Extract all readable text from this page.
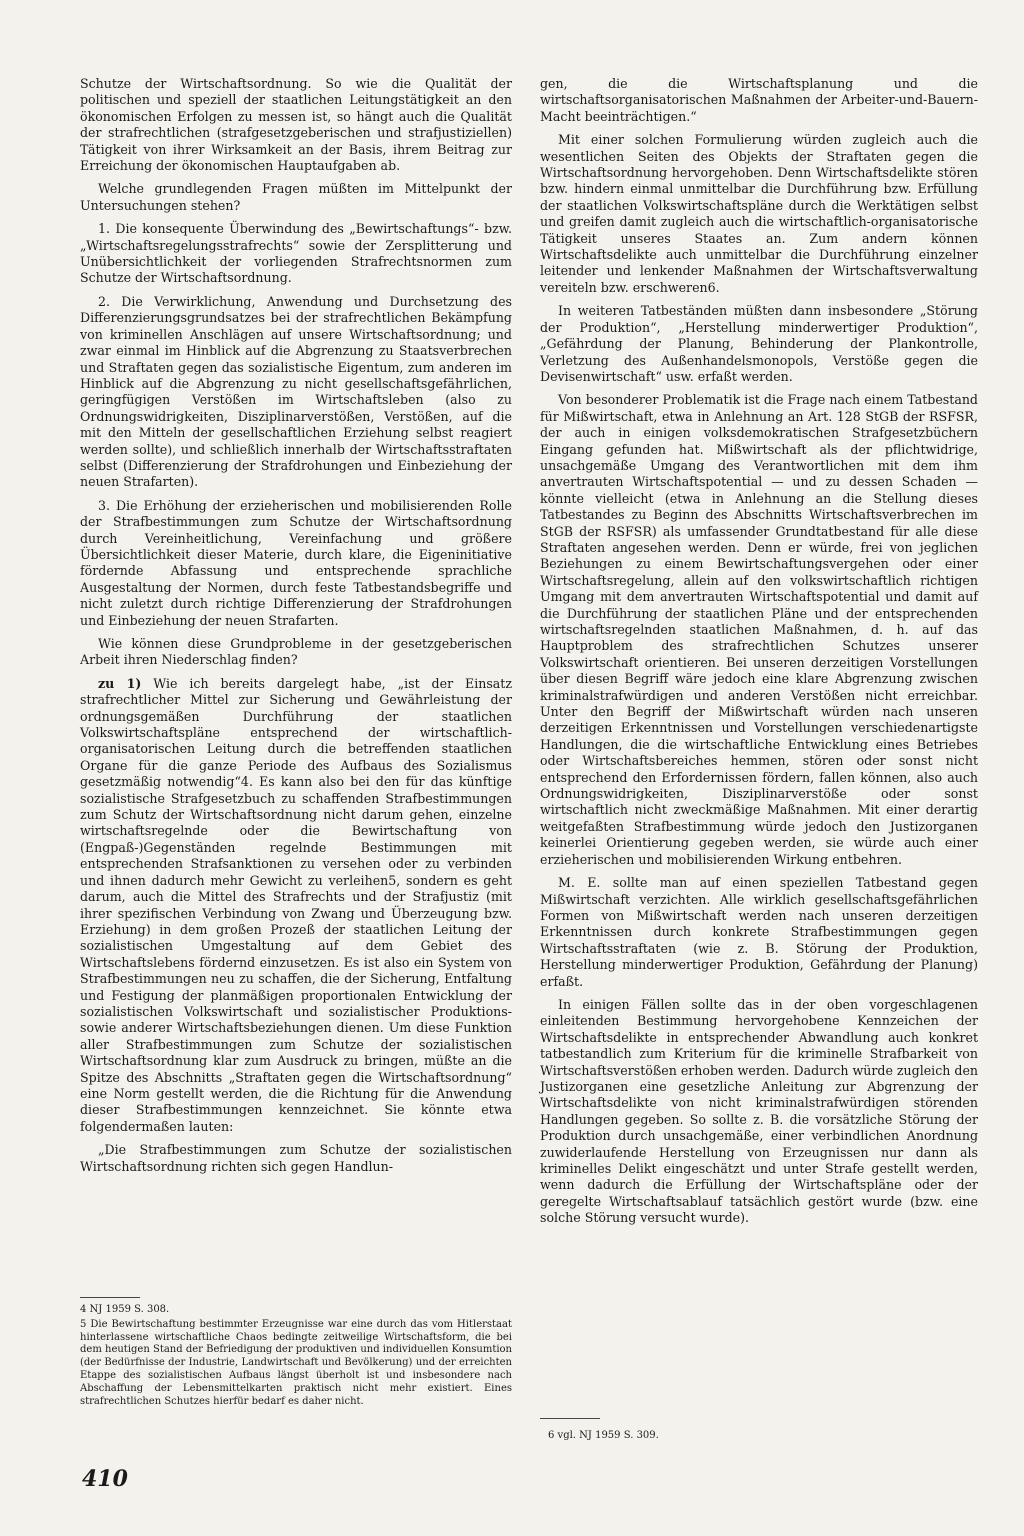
Schutze der Wirtschaftsordnung. So wie die Qualität der politischen und speziell der staatlichen Leitungstätigkeit an den ökonomischen Erfolgen zu messen ist, so hängt auch die Qualität der strafrechtlichen (strafgesetzgeberischen und strafjustiziellen) Tätigkeit von ihrer Wirksamkeit an der Basis, ihrem Beitrag zur Erreichung der ökonomischen Hauptaufgaben ab.

Welche grundlegenden Fragen müßten im Mittelpunkt der Untersuchungen stehen?

1. Die konsequente Überwindung des „Bewirtschaftungs“- bzw. „Wirtschaftsregelungsstrafrechts“ sowie der Zersplitterung und Unübersichtlichkeit der vorliegenden Strafrechtsnormen zum Schutze der Wirtschaftsordnung.

2. Die Verwirklichung, Anwendung und Durchsetzung des Differenzierungsgrundsatzes bei der strafrechtlichen Bekämpfung von kriminellen Anschlägen auf unsere Wirtschaftsordnung; und zwar einmal im Hinblick auf die Abgrenzung zu Staatsverbrechen und Straftaten gegen das sozialistische Eigentum, zum anderen im Hinblick auf die Abgrenzung zu nicht gesellschaftsgefährlichen, geringfügigen Verstößen im Wirtschaftsleben (also zu Ordnungswidrigkeiten, Disziplinarverstößen, Verstößen, auf die mit den Mitteln der gesellschaftlichen Erziehung selbst reagiert werden sollte), und schließlich innerhalb der Wirtschaftsstraftaten selbst (Differenzierung der Strafdrohungen und Einbeziehung der neuen Strafarten).

3. Die Erhöhung der erzieherischen und mobilisierenden Rolle der Strafbestimmungen zum Schutze der Wirtschaftsordnung durch Vereinheitlichung, Vereinfachung und größere Übersichtlichkeit dieser Materie, durch klare, die Eigeninitiative fördernde Abfassung und entsprechende sprachliche Ausgestaltung der Normen, durch feste Tatbestandsbegriffe und nicht zuletzt durch richtige Differenzierung der Strafdrohungen und Einbeziehung der neuen Strafarten.

Wie können diese Grundprobleme in der gesetzgeberischen Arbeit ihren Niederschlag finden?

zu 1) Wie ich bereits dargelegt habe, „ist der Einsatz strafrechtlicher Mittel zur Sicherung und Gewährleistung der ordnungsgemäßen Durchführung der staatlichen Volkswirtschaftspläne entsprechend der wirtschaftlich-organisatorischen Leitung durch die betreffenden staatlichen Organe für die ganze Periode des Aufbaus des Sozialismus gesetzmäßig notwendig“4. Es kann also bei den für das künftige sozialistische Strafgesetzbuch zu schaffenden Strafbestimmungen zum Schutz der Wirtschaftsordnung nicht darum gehen, einzelne wirtschaftsregelnde oder die Bewirtschaftung von (Engpaß-)Gegenständen regelnde Bestimmungen mit entsprechenden Strafsanktionen zu versehen oder zu verbinden und ihnen dadurch mehr Gewicht zu verleihen5, sondern es geht darum, auch die Mittel des Strafrechts und der Strafjustiz (mit ihrer spezifischen Verbindung von Zwang und Überzeugung bzw. Erziehung) in dem großen Prozeß der staatlichen Leitung der sozialistischen Umgestaltung auf dem Gebiet des Wirtschaftslebens fördernd einzusetzen. Es ist also ein System von Strafbestimmungen neu zu schaffen, die der Sicherung, Entfaltung und Festigung der planmäßigen proportionalen Entwicklung der sozialistischen Volkswirtschaft und sozialistischer Produktions- sowie anderer Wirtschaftsbeziehungen dienen. Um diese Funktion aller Strafbestimmungen zum Schutze der sozialistischen Wirtschaftsordnung klar zum Ausdruck zu bringen, müßte an die Spitze des Abschnitts „Straftaten gegen die Wirtschaftsordnung“ eine Norm gestellt werden, die die Richtung für die Anwendung dieser Strafbestimmungen kennzeichnet. Sie könnte etwa folgendermaßen lauten:

„Die Strafbestimmungen zum Schutze der sozialistischen Wirtschaftsordnung richten sich gegen Handlun-

4 NJ 1959 S. 308.

5 Die Bewirtschaftung bestimmter Erzeugnisse war eine durch das vom Hitlerstaat hinterlassene wirtschaftliche Chaos bedingte zeitweilige Wirtschaftsform, die bei dem heutigen Stand der Befriedigung der produktiven und individuellen Konsumtion (der Bedürfnisse der Industrie, Landwirtschaft und Bevölkerung) und der erreichten Etappe des sozialistischen Aufbaus längst überholt ist und insbesondere nach Abschaffung der Lebensmittelkarten praktisch nicht mehr existiert. Eines strafrechtlichen Schutzes hierfür bedarf es daher nicht.

gen, die die Wirtschaftsplanung und die wirtschaftsorganisatorischen Maßnahmen der Arbeiter-und-Bauern-Macht beeinträchtigen.“

Mit einer solchen Formulierung würden zugleich auch die wesentlichen Seiten des Objekts der Straftaten gegen die Wirtschaftsordnung hervorgehoben. Denn Wirtschaftsdelikte stören bzw. hindern einmal unmittelbar die Durchführung bzw. Erfüllung der staatlichen Volkswirtschaftspläne durch die Werktätigen selbst und greifen damit zugleich auch die wirtschaftlich-organisatorische Tätigkeit unseres Staates an. Zum andern können Wirtschaftsdelikte auch unmittelbar die Durchführung einzelner leitender und lenkender Maßnahmen der Wirtschaftsverwaltung vereiteln bzw. erschweren6.

In weiteren Tatbeständen müßten dann insbesondere „Störung der Produktion“, „Herstellung minderwertiger Produktion“, „Gefährdung der Planung, Behinderung der Plankontrolle, Verletzung des Außenhandelsmonopols, Verstöße gegen die Devisenwirtschaft“ usw. erfaßt werden.

Von besonderer Problematik ist die Frage nach einem Tatbestand für Mißwirtschaft, etwa in Anlehnung an Art. 128 StGB der RSFSR, der auch in einigen volksdemokratischen Strafgesetzbüchern Eingang gefunden hat. Mißwirtschaft als der pflichtwidrige, unsachgemäße Umgang des Verantwortlichen mit dem ihm anvertrauten Wirtschaftspotential — und zu dessen Schaden — könnte vielleicht (etwa in Anlehnung an die Stellung dieses Tatbestandes zu Beginn des Abschnitts Wirtschaftsverbrechen im StGB der RSFSR) als umfassender Grundtatbestand für alle diese Straftaten angesehen werden. Denn er würde, frei von jeglichen Beziehungen zu einem Bewirtschaftungsvergehen oder einer Wirtschaftsregelung, allein auf den volkswirtschaftlich richtigen Umgang mit dem anvertrauten Wirtschaftspotential und damit auf die Durchführung der staatlichen Pläne und der entsprechenden wirtschaftsregelnden staatlichen Maßnahmen, d. h. auf das Hauptproblem des strafrechtlichen Schutzes unserer Volkswirtschaft orientieren. Bei unseren derzeitigen Vorstellungen über diesen Begriff wäre jedoch eine klare Abgrenzung zwischen kriminalstrafwürdigen und anderen Verstößen nicht erreichbar. Unter den Begriff der Mißwirtschaft würden nach unseren derzeitigen Erkenntnissen und Vorstellungen verschiedenartigste Handlungen, die die wirtschaftliche Entwicklung eines Betriebes oder Wirtschaftsbereiches hemmen, stören oder sonst nicht entsprechend den Erfordernissen fördern, fallen können, also auch Ordnungswidrigkeiten, Disziplinarverstöße oder sonst wirtschaftlich nicht zweckmäßige Maßnahmen. Mit einer derartig weitgefaßten Strafbestimmung würde jedoch den Justizorganen keinerlei Orientierung gegeben werden, sie würde auch einer erzieherischen und mobilisierenden Wirkung entbehren.

M. E. sollte man auf einen speziellen Tatbestand gegen Mißwirtschaft verzichten. Alle wirklich gesellschaftsgefährlichen Formen von Mißwirtschaft werden nach unseren derzeitigen Erkenntnissen durch konkrete Strafbestimmungen gegen Wirtschaftsstraftaten (wie z. B. Störung der Produktion, Herstellung minderwertiger Produktion, Gefährdung der Planung) erfaßt.

In einigen Fällen sollte das in der oben vorgeschlagenen einleitenden Bestimmung hervorgehobene Kennzeichen der Wirtschaftsdelikte in entsprechender Abwandlung auch konkret tatbestandlich zum Kriterium für die kriminelle Strafbarkeit von Wirtschaftsverstößen erhoben werden. Dadurch würde zugleich den Justizorganen eine gesetzliche Anleitung zur Abgrenzung der Wirtschaftsdelikte von nicht kriminalstrafwürdigen störenden Handlungen gegeben. So sollte z. B. die vorsätzliche Störung der Produktion durch unsachgemäße, einer verbindlichen Anordnung zuwiderlaufende Herstellung von Erzeugnissen nur dann als kriminelles Delikt eingeschätzt und unter Strafe gestellt werden, wenn dadurch die Erfüllung der Wirtschaftspläne oder der geregelte Wirtschaftsablauf tatsächlich gestört wurde (bzw. eine solche Störung versucht wurde).

6 vgl. NJ 1959 S. 309.

410
